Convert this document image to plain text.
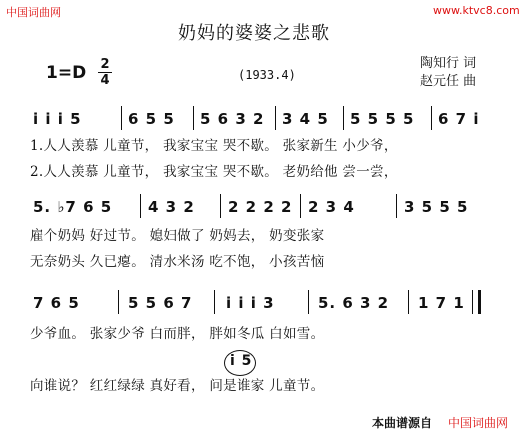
中国词曲网	www.ktvc8.com
奶妈的婆婆之悲歌
1=D 2
4	(1933.4)
陶知行 词
赵元任 曲
i i i 5	6 5 5 5 6 3 2 3 4 5 5 5 5 5 6 7 i
1.人人羡慕 儿童节， 我家宝宝 哭不歇。 张家新生 小少爷，
2.人人羡慕 儿童节， 我家宝宝 哭不歇。 老奶给他 尝一尝，
5. ♭7 6 5 4 3 2 2 2 2 2 2 3 4	3 5 5 5
雇个奶妈 好过节。 媳妇做了 奶妈去， 奶变张家
无奈奶头 久已瘪。 清水米汤 吃不饱， 小孩苦恼
7 6 5	5 5 6 7 i i i 3	5. 6 3 2 1 7 1
少爷血。 张家少爷 白而胖， 胖如冬瓜 白如雪。
i 5
向谁说？ 红红绿绿 真好看， 问是谁家 儿童节。
本曲谱源自 中国词曲网
